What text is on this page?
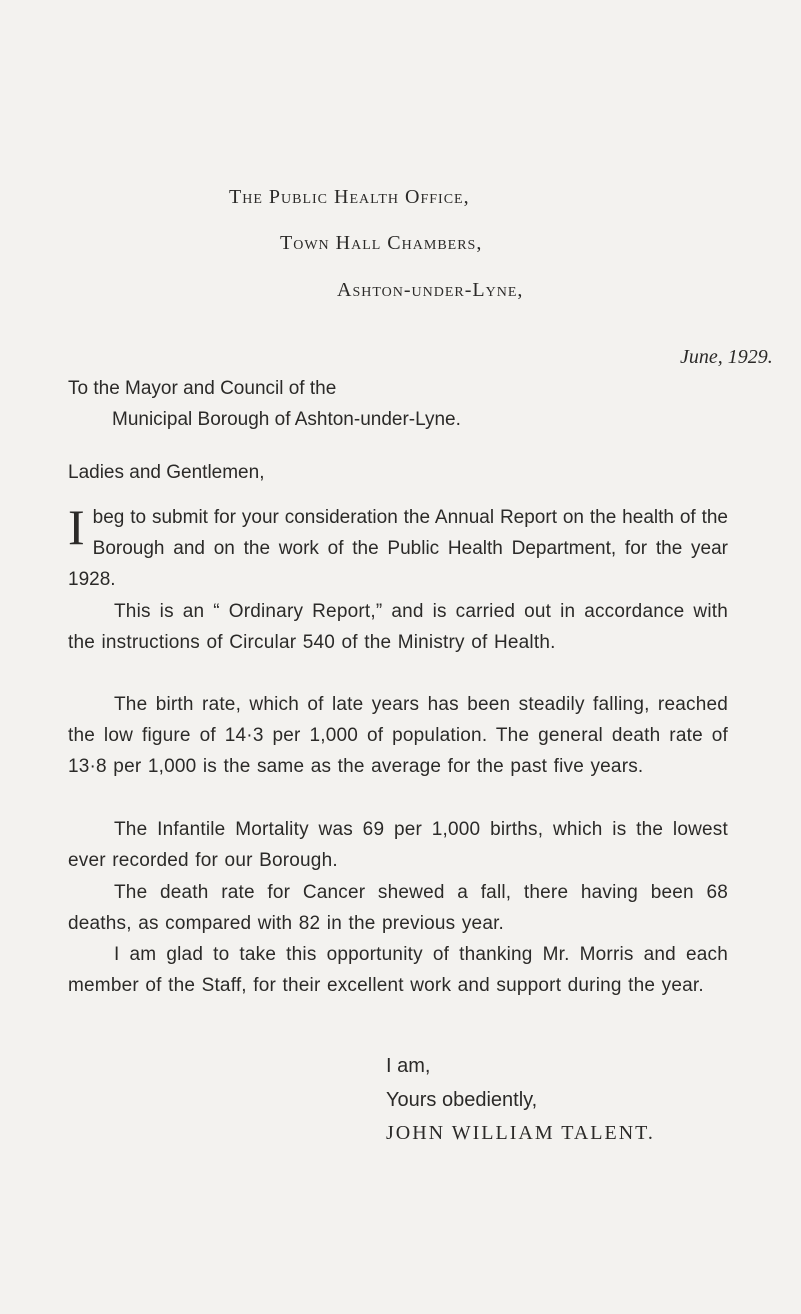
The Public Health Office,
Town Hall Chambers,
Ashton-under-Lyne,
June, 1929.
To the Mayor and Council of the
Municipal Borough of Ashton-under-Lyne.
Ladies and Gentlemen,
Ibeg to submit for your consideration the Annual Report on the health of the Borough and on the work of the Public Health Department, for the year 1928.
This is an “ Ordinary Report,” and is carried out in accordance with the instructions of Circular 540 of the Ministry of Health.
The birth rate, which of late years has been steadily falling, reached the low figure of 14·3 per 1,000 of population. The general death rate of 13·8 per 1,000 is the same as the average for the past five years.
The Infantile Mortality was 69 per 1,000 births, which is the lowest ever recorded for our Borough.
The death rate for Cancer shewed a fall, there having been 68 deaths, as compared with 82 in the previous year.
I am glad to take this opportunity of thanking Mr. Morris and each member of the Staff, for their excellent work and support during the year.
I am,
Yours obediently,
JOHN WILLIAM TALENT.
